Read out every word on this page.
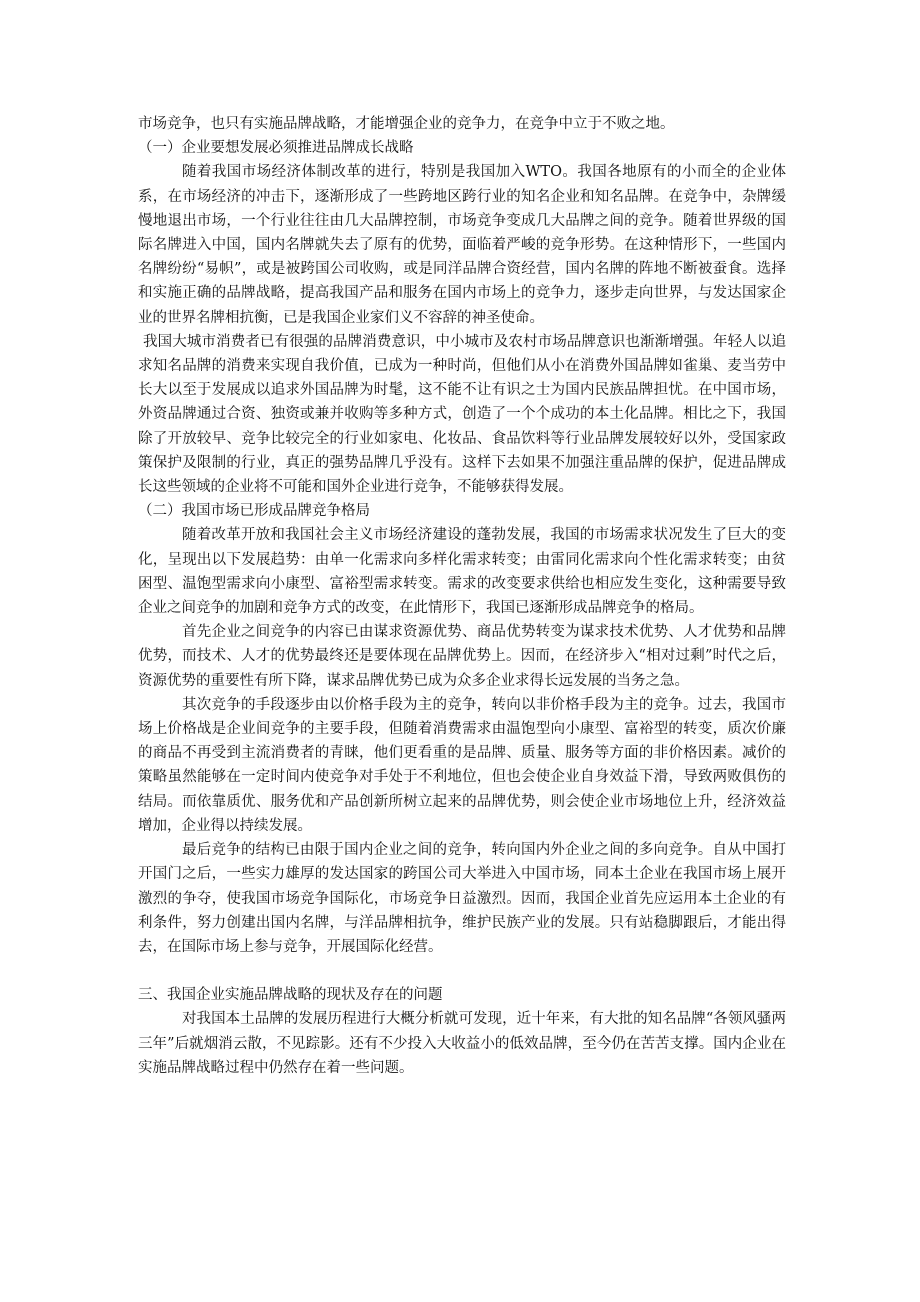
市场竞争，也只有实施品牌战略，才能增强企业的竞争力，在竞争中立于不败之地。

（一）企业要想发展必须推进品牌成长战略

随着我国市场经济体制改革的进行，特别是我国加入WTO。我国各地原有的小而全的企业体系，在市场经济的冲击下，逐渐形成了一些跨地区跨行业的知名企业和知名品牌。在竞争中，杂牌缓慢地退出市场，一个行业往往由几大品牌控制，市场竞争变成几大品牌之间的竞争。随着世界级的国际名牌进入中国，国内名牌就失去了原有的优势，面临着严峻的竞争形势。在这种情形下，一些国内名牌纷纷“易帜”，或是被跨国公司收购，或是同洋品牌合资经营，国内名牌的阵地不断被蚕食。选择和实施正确的品牌战略，提高我国产品和服务在国内市场上的竞争力，逐步走向世界，与发达国家企业的世界名牌相抗衡，已是我国企业家们义不容辞的神圣使命。

我国大城市消费者已有很强的品牌消费意识，中小城市及农村市场品牌意识也渐渐增强。年轻人以追求知名品牌的消费来实现自我价值，已成为一种时尚，但他们从小在消费外国品牌如雀巢、麦当劳中长大以至于发展成以追求外国品牌为时髦，这不能不让有识之士为国内民族品牌担忧。在中国市场，外资品牌通过合资、独资或兼并收购等多种方式，创造了一个个成功的本土化品牌。相比之下，我国除了开放较早、竞争比较完全的行业如家电、化妆品、食品饮料等行业品牌发展较好以外，受国家政策保护及限制的行业，真正的强势品牌几乎没有。这样下去如果不加强注重品牌的保护，促进品牌成长这些领域的企业将不可能和国外企业进行竞争，不能够获得发展。

（二）我国市场已形成品牌竞争格局

随着改革开放和我国社会主义市场经济建设的蓬勃发展，我国的市场需求状况发生了巨大的变化，呈现出以下发展趋势：由单一化需求向多样化需求转变；由雷同化需求向个性化需求转变；由贫困型、温饱型需求向小康型、富裕型需求转变。需求的改变要求供给也相应发生变化，这种需要导致企业之间竞争的加剧和竞争方式的改变，在此情形下，我国已逐渐形成品牌竞争的格局。

首先企业之间竞争的内容已由谋求资源优势、商品优势转变为谋求技术优势、人才优势和品牌优势，而技术、人才的优势最终还是要体现在品牌优势上。因而，在经济步入“相对过剩”时代之后，资源优势的重要性有所下降，谋求品牌优势已成为众多企业求得长远发展的当务之急。

其次竞争的手段逐步由以价格手段为主的竞争，转向以非价格手段为主的竞争。过去，我国市场上价格战是企业间竞争的主要手段，但随着消费需求由温饱型向小康型、富裕型的转变，质次价廉的商品不再受到主流消费者的青睐，他们更看重的是品牌、质量、服务等方面的非价格因素。减价的策略虽然能够在一定时间内使竞争对手处于不利地位，但也会使企业自身效益下滑，导致两败俱伤的结局。而依靠质优、服务优和产品创新所树立起来的品牌优势，则会使企业市场地位上升，经济效益增加，企业得以持续发展。

最后竞争的结构已由限于国内企业之间的竞争，转向国内外企业之间的多向竞争。自从中国打开国门之后，一些实力雄厚的发达国家的跨国公司大举进入中国市场，同本土企业在我国市场上展开激烈的争夺，使我国市场竞争国际化，市场竞争日益激烈。因而，我国企业首先应运用本土企业的有利条件，努力创建出国内名牌，与洋品牌相抗争，维护民族产业的发展。只有站稳脚跟后，才能出得去，在国际市场上参与竞争，开展国际化经营。

三、我国企业实施品牌战略的现状及存在的问题

对我国本土品牌的发展历程进行大概分析就可发现，近十年来，有大批的知名品牌“各领风骚两三年”后就烟消云散，不见踪影。还有不少投入大收益小的低效品牌，至今仍在苦苦支撑。国内企业在实施品牌战略过程中仍然存在着一些问题。
